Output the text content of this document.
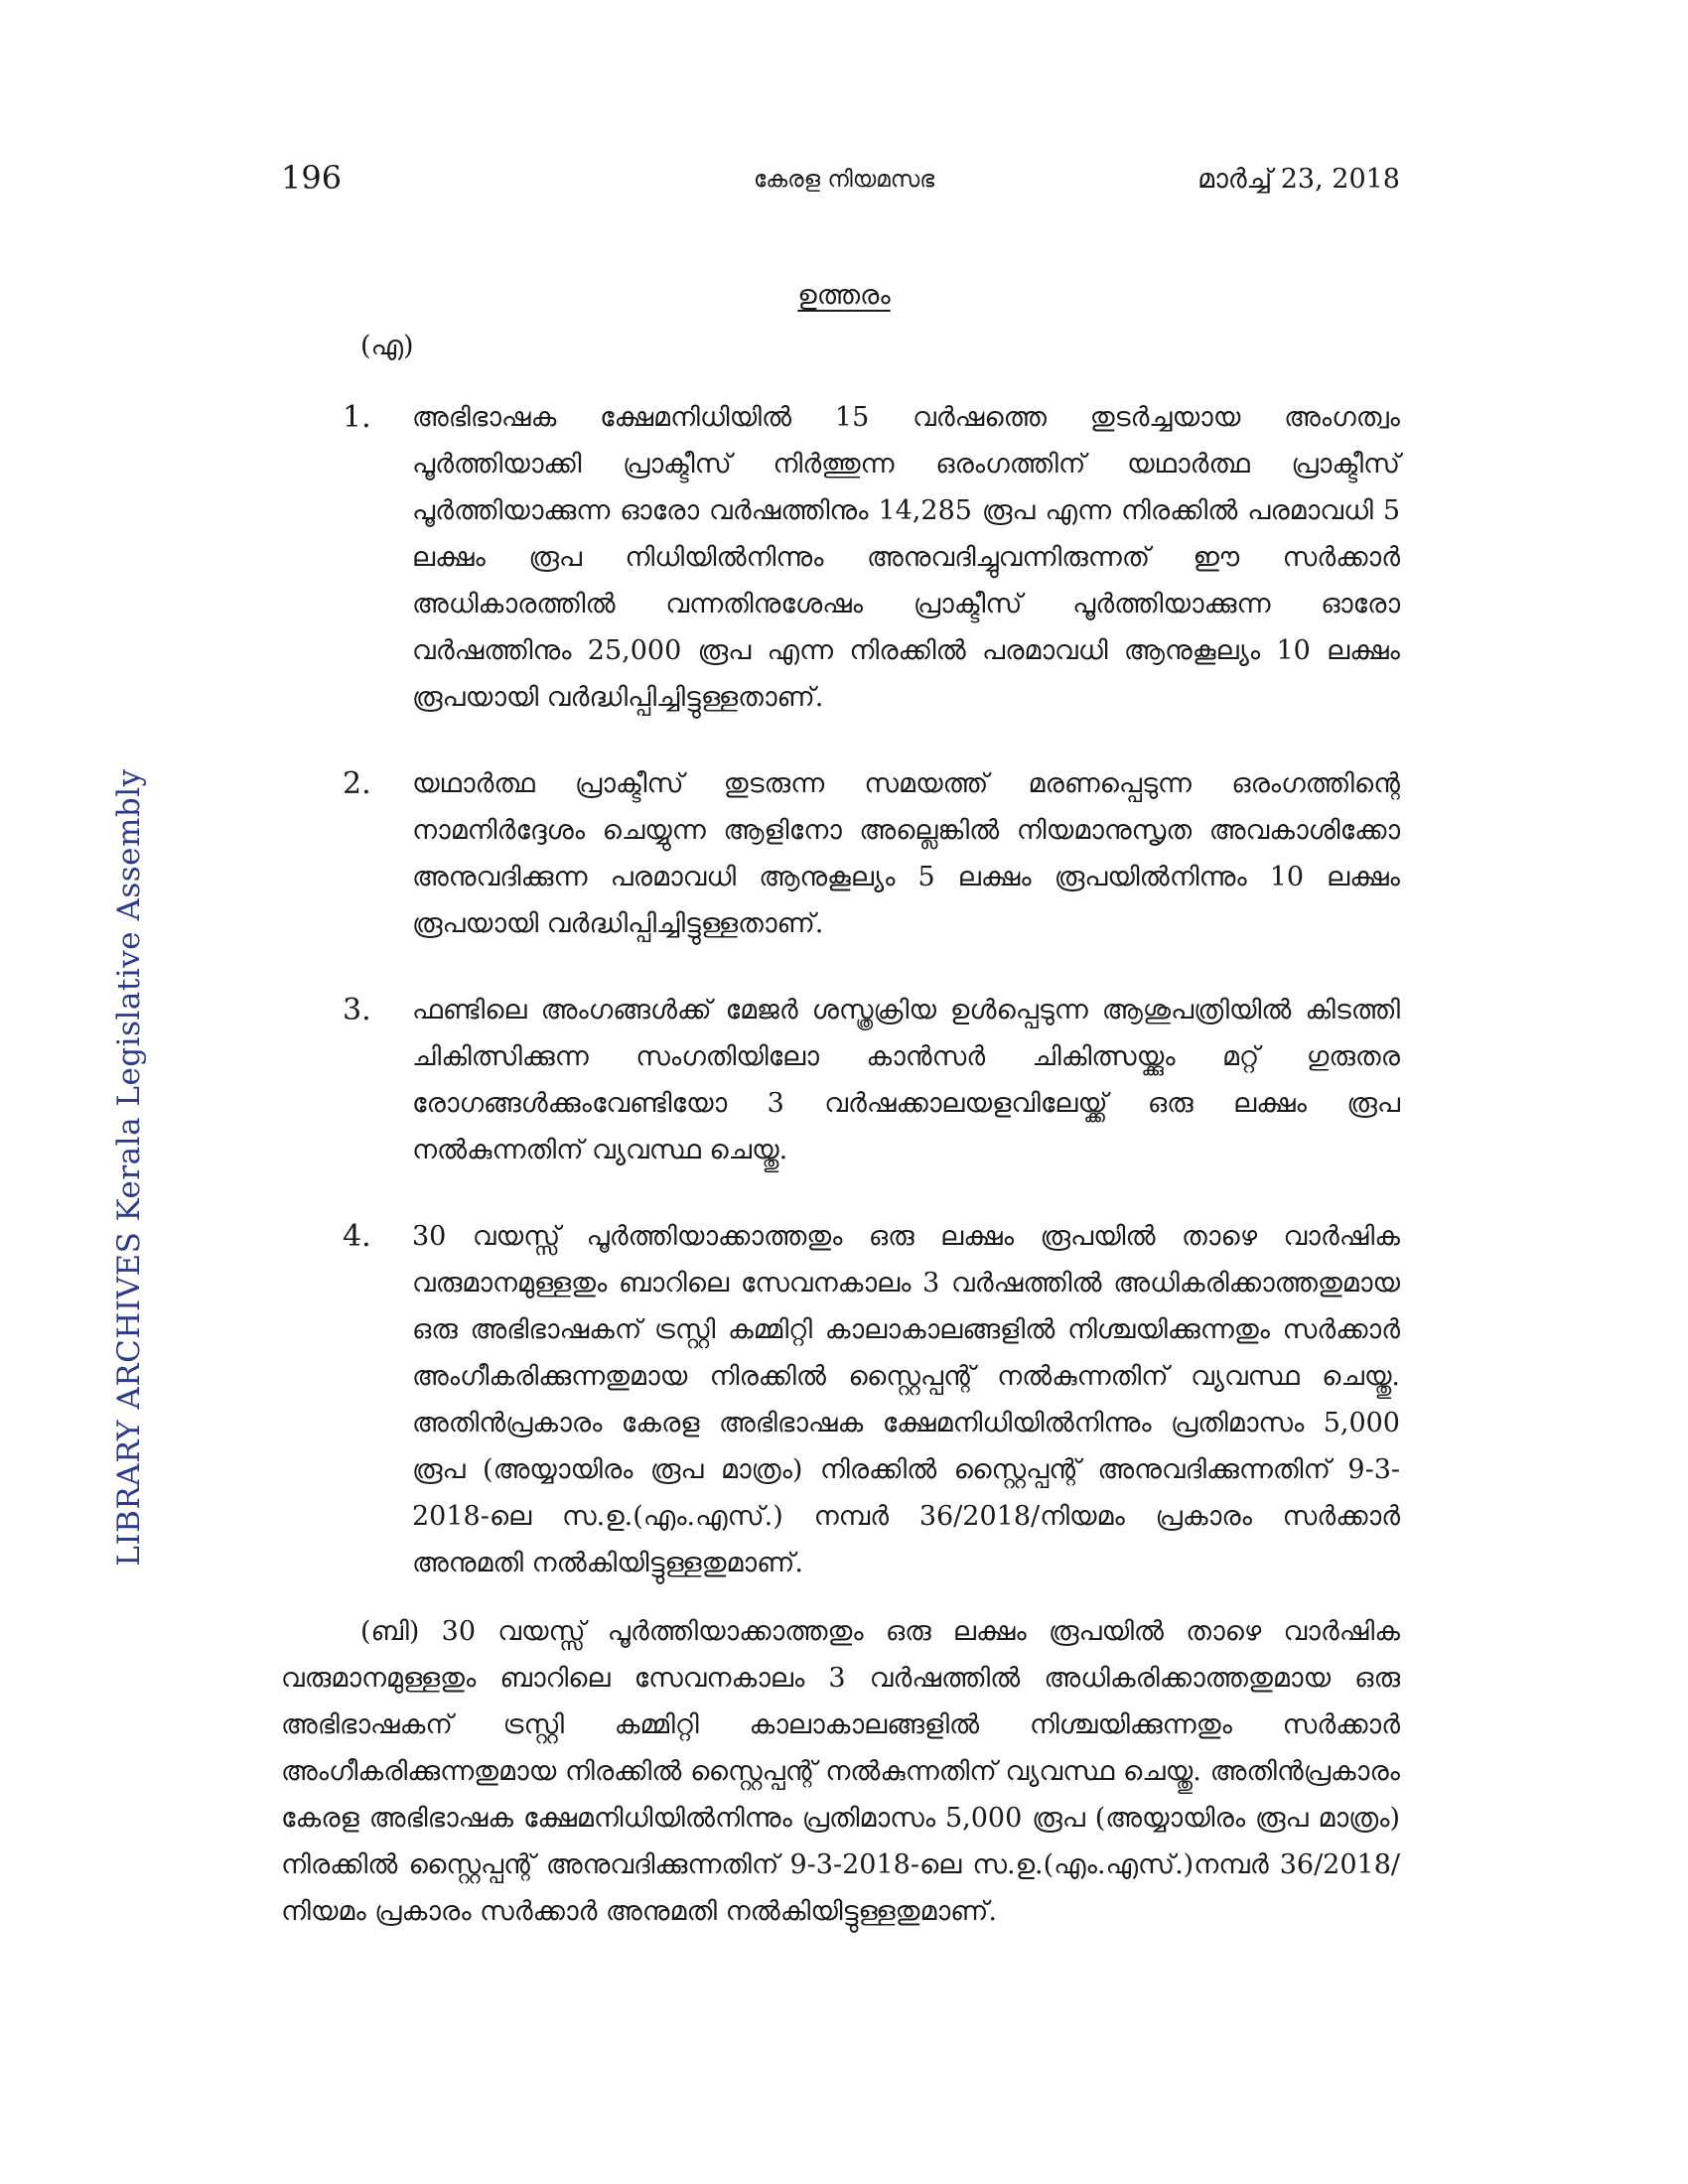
196	കേരള നിയമസഭ	മാർച്ച് 23, 2018
ഉത്തരം
(എ)
LIBRARY ARCHIVES Kerala Legislative Assembly
1.	അഭിഭാഷക ക്ഷേമനിധിയിൽ 15 വർഷത്തെ തുടർച്ചയായ അംഗത്വം പൂർത്തിയാക്കി പ്രാക്ടീസ് നിർത്തുന്ന ഒരംഗത്തിന് യഥാർത്ഥ പ്രാക്ടീസ് പൂർത്തിയാക്കുന്ന ഓരോ വർഷത്തിനും 14,285 രൂപ എന്ന നിരക്കിൽ പരമാവധി 5 ലക്ഷം രൂപ നിധിയിൽനിന്നും അനുവദിച്ചുവന്നിരുന്നത് ഈ സർക്കാർ അധികാരത്തിൽ വന്നതിനുശേഷം പ്രാക്ടീസ് പൂർത്തിയാക്കുന്ന ഓരോ വർഷത്തിനും 25,000 രൂപ എന്ന നിരക്കിൽ പരമാവധി ആനുകൂല്യം 10 ലക്ഷം രൂപയായി വർദ്ധിപ്പിച്ചിട്ടുള്ളതാണ്.
2.	യഥാർത്ഥ പ്രാക്ടീസ് തുടരുന്ന സമയത്ത് മരണപ്പെടുന്ന ഒരംഗത്തിന്റെ നാമനിർദ്ദേശം ചെയ്യുന്ന ആളിനോ അല്ലെങ്കിൽ നിയമാനുസൃത അവകാശിക്കോ അനുവദിക്കുന്ന പരമാവധി ആനുകൂല്യം 5 ലക്ഷം രൂപയിൽനിന്നും 10 ലക്ഷം രൂപയായി വർദ്ധിപ്പിച്ചിട്ടുള്ളതാണ്.
3.	ഫണ്ടിലെ അംഗങ്ങൾക്ക് മേജർ ശസ്ത്രക്രിയ ഉൾപ്പെടുന്ന ആശുപത്രിയിൽ കിടത്തി ചികിത്സിക്കുന്ന സംഗതിയിലോ കാൻസർ ചികിത്സയ്ക്കും മറ്റ് ഗുരുതര രോഗങ്ങൾക്കുംവേണ്ടിയോ 3 വർഷക്കാലയളവിലേയ്ക്ക് ഒരു ലക്ഷം രൂപ നൽകുന്നതിന് വ്യവസ്ഥ ചെയ്തു.
4.	30 വയസ്സ് പൂർത്തിയാക്കാത്തതും ഒരു ലക്ഷം രൂപയിൽ താഴെ വാർഷിക വരുമാനമുള്ളതും ബാറിലെ സേവനകാലം 3 വർഷത്തിൽ അധികരിക്കാത്തതുമായ ഒരു അഭിഭാഷകന് ട്രസ്റ്റി കമ്മിറ്റി കാലാകാലങ്ങളിൽ നിശ്ചയിക്കുന്നതും സർക്കാർ അംഗീകരിക്കുന്നതുമായ നിരക്കിൽ സ്റ്റൈപ്പന്റ് നൽകുന്നതിന് വ്യവസ്ഥ ചെയ്തു. അതിൻപ്രകാരം കേരള അഭിഭാഷക ക്ഷേമനിധിയിൽനിന്നും പ്രതിമാസം 5,000 രൂപ (അയ്യായിരം രൂപ മാത്രം) നിരക്കിൽ സ്റ്റൈപ്പന്റ് അനുവദിക്കുന്നതിന് 9-3-2018-ലെ സ.ഉ.(എം.എസ്.) നമ്പർ 36/2018/നിയമം പ്രകാരം സർക്കാർ അനുമതി നൽകിയിട്ടുള്ളതുമാണ്.

(ബി) 30 വയസ്സ് പൂർത്തിയാക്കാത്തതും ഒരു ലക്ഷം രൂപയിൽ താഴെ വാർഷിക വരുമാനമുള്ളതും ബാറിലെ സേവനകാലം 3 വർഷത്തിൽ അധികരിക്കാത്തതുമായ ഒരു അഭിഭാഷകന് ട്രസ്റ്റി കമ്മിറ്റി കാലാകാലങ്ങളിൽ നിശ്ചയിക്കുന്നതും സർക്കാർ അംഗീകരിക്കുന്നതുമായ നിരക്കിൽ സ്റ്റൈപ്പന്റ് നൽകുന്നതിന് വ്യവസ്ഥ ചെയ്തു. അതിൻപ്രകാരം കേരള അഭിഭാഷക ക്ഷേമനിധിയിൽനിന്നും പ്രതിമാസം 5,000 രൂപ (അയ്യായിരം രൂപ മാത്രം) നിരക്കിൽ സ്റ്റൈപ്പന്റ് അനുവദിക്കുന്നതിന് 9-3-2018-ലെ സ.ഉ.(എം.എസ്.)നമ്പർ 36/2018/നിയമം പ്രകാരം സർക്കാർ അനുമതി നൽകിയിട്ടുള്ളതുമാണ്.
